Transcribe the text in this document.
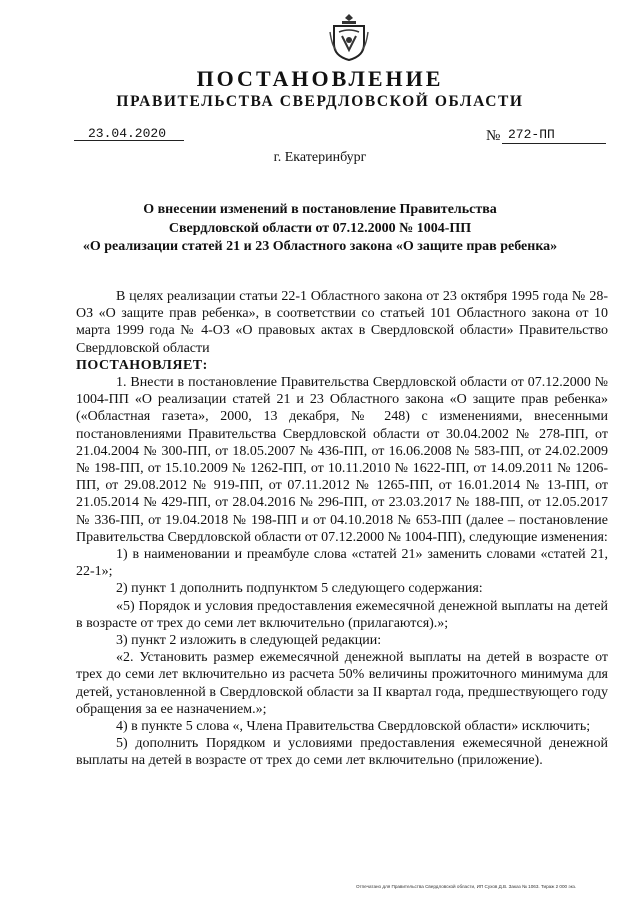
ПОСТАНОВЛЕНИЕ
ПРАВИТЕЛЬСТВА СВЕРДЛОВСКОЙ ОБЛАСТИ
23.04.2020	№ 272-ПП
г. Екатеринбург
О внесении изменений в постановление Правительства
Свердловской области от 07.12.2000 № 1004-ПП
«О реализации статей 21 и 23 Областного закона «О защите прав ребенка»

В целях реализации статьи 22-1 Областного закона от 23 октября 1995 года № 28-ОЗ «О защите прав ребенка», в соответствии со статьей 101 Областного закона от 10 марта 1999 года № 4-ОЗ «О правовых актах в Свердловской области» Правительство Свердловской области

ПОСТАНОВЛЯЕТ:

1. Внести в постановление Правительства Свердловской области от 07.12.2000 № 1004-ПП «О реализации статей 21 и 23 Областного закона «О защите прав ребенка» («Областная газета», 2000, 13 декабря, № 248) с изменениями, внесенными постановлениями Правительства Свердловской области от 30.04.2002 № 278-ПП, от 21.04.2004 № 300-ПП, от 18.05.2007 № 436-ПП, от 16.06.2008 № 583-ПП, от 24.02.2009 № 198-ПП, от 15.10.2009 № 1262-ПП, от 10.11.2010 № 1622-ПП, от 14.09.2011 № 1206-ПП, от 29.08.2012 № 919-ПП, от 07.11.2012 № 1265-ПП, от 16.01.2014 № 13-ПП, от 21.05.2014 № 429-ПП, от 28.04.2016 № 296-ПП, от 23.03.2017 № 188-ПП, от 12.05.2017 № 336-ПП, от 19.04.2018 № 198-ПП и от 04.10.2018 № 653-ПП (далее – постановление Правительства Свердловской области от 07.12.2000 № 1004-ПП), следующие изменения:

1) в наименовании и преамбуле слова «статей 21» заменить словами «статей 21, 22-1»;

2) пункт 1 дополнить подпунктом 5 следующего содержания:

«5) Порядок и условия предоставления ежемесячной денежной выплаты на детей в возрасте от трех до семи лет включительно (прилагаются).»;

3) пункт 2 изложить в следующей редакции:

«2. Установить размер ежемесячной денежной выплаты на детей в возрасте от трех до семи лет включительно из расчета 50% величины прожиточного минимума для детей, установленной в Свердловской области за II квартал года, предшествующего году обращения за ее назначением.»;

4) в пункте 5 слова «, Члена Правительства Свердловской области» исключить;

5) дополнить Порядком и условиями предоставления ежемесячной денежной выплаты на детей в возрасте от трех до семи лет включительно (приложение).

Отпечатано для Правительства Свердловской области, ИП Сухов Д.В. Заказ № 1063. Тираж 2 000 экз.
